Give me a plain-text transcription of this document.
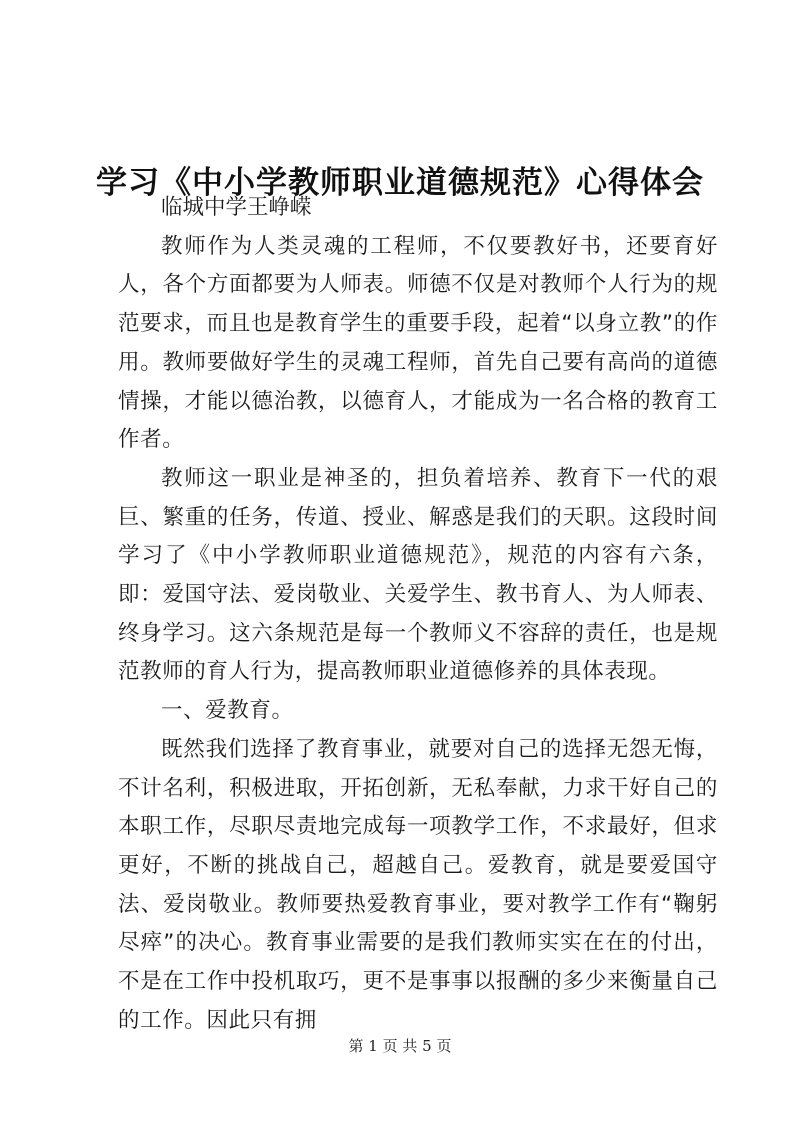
学习《中小学教师职业道德规范》心得体会

临城中学王峥嵘

教师作为人类灵魂的工程师，不仅要教好书，还要育好人，各个方面都要为人师表。师德不仅是对教师个人行为的规范要求，而且也是教育学生的重要手段，起着“以身立教”的作用。教师要做好学生的灵魂工程师，首先自己要有高尚的道德情操，才能以德治教，以德育人，才能成为一名合格的教育工作者。

教师这一职业是神圣的，担负着培养、教育下一代的艰巨、繁重的任务，传道、授业、解惑是我们的天职。这段时间学习了《中小学教师职业道德规范》，规范的内容有六条，即：爱国守法、爱岗敬业、关爱学生、教书育人、为人师表、终身学习。这六条规范是每一个教师义不容辞的责任，也是规范教师的育人行为，提高教师职业道德修养的具体表现。

一、爱教育。

既然我们选择了教育事业，就要对自己的选择无怨无悔，不计名利，积极进取，开拓创新，无私奉献，力求干好自己的本职工作，尽职尽责地完成每一项教学工作，不求最好，但求更好，不断的挑战自己，超越自己。爱教育，就是要爱国守法、爱岗敬业。教师要热爱教育事业，要对教学工作有“鞠躬尽瘁”的决心。教育事业需要的是我们教师实实在在的付出，不是在工作中投机取巧，更不是事事以报酬的多少来衡量自己的工作。因此只有拥

第 1 页 共 5 页
